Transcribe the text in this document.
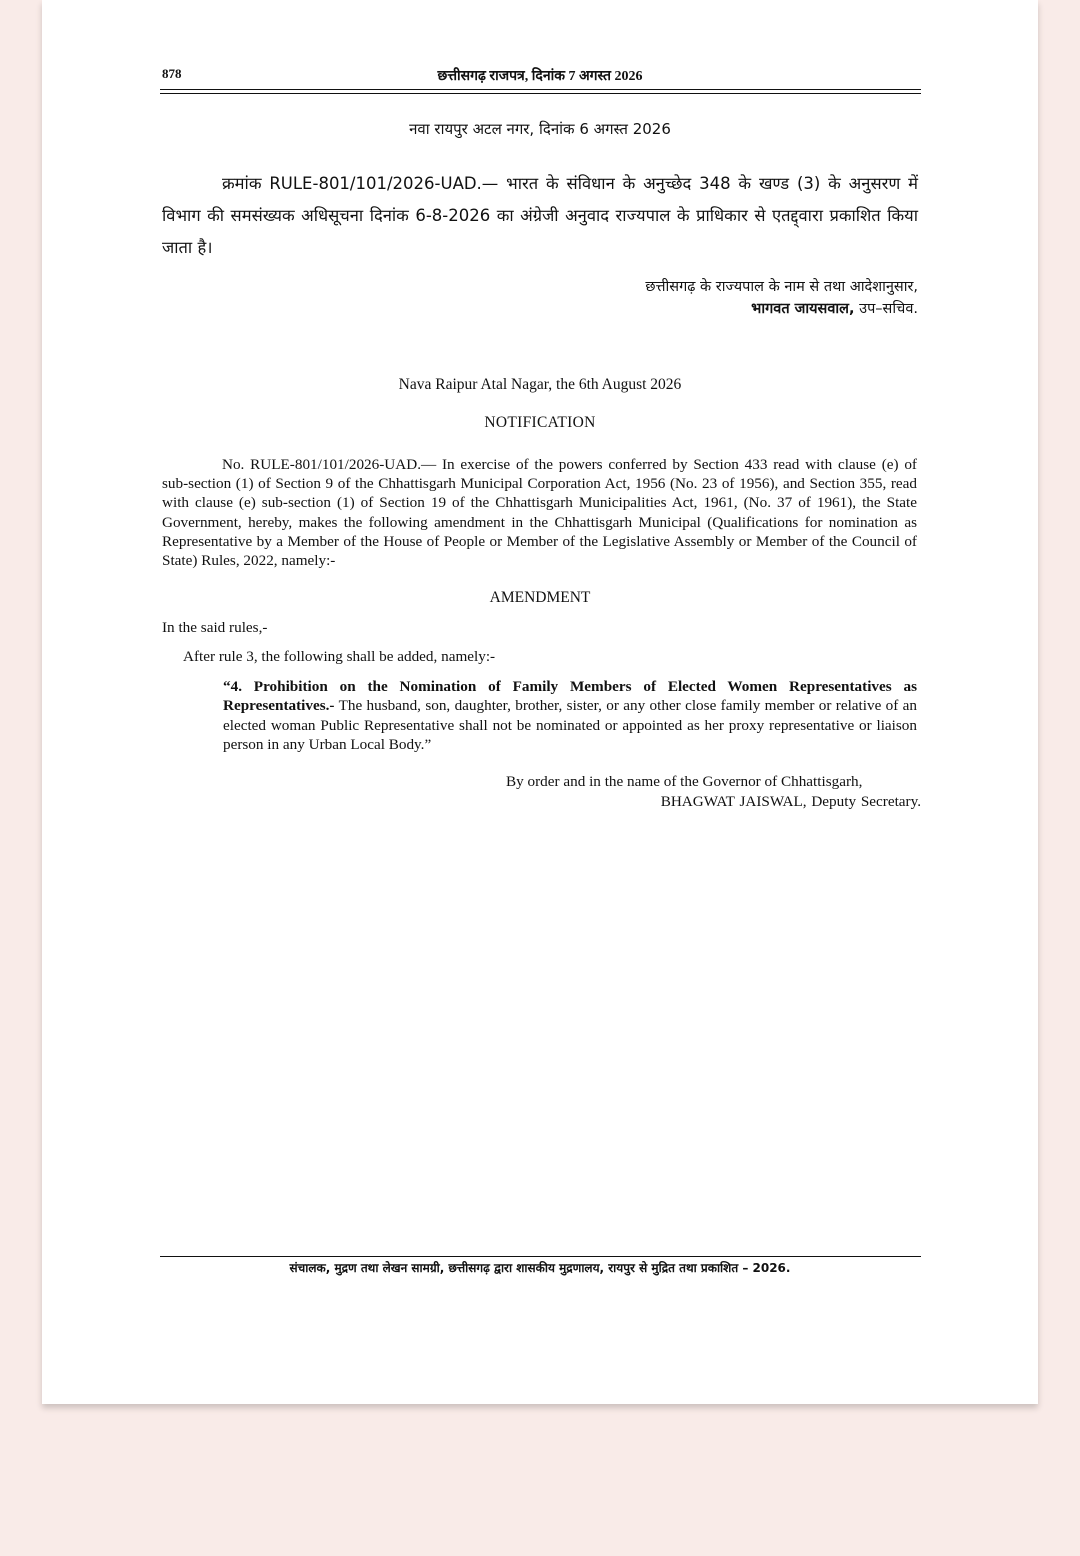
878	छत्तीसगढ़ राजपत्र, दिनांक 7 अगस्त 2026
नवा रायपुर अटल नगर, दिनांक 6 अगस्त 2026
क्रमांक RULE-801/101/2026-UAD.— भारत के संविधान के अनुच्छेद 348 के खण्ड (3) के अनुसरण में विभाग की समसंख्यक अधिसूचना दिनांक 6-8-2026 का अंग्रेजी अनुवाद राज्यपाल के प्राधिकार से एतद्द्वारा प्रकाशित किया जाता है।
छत्तीसगढ़ के राज्यपाल के नाम से तथा आदेशानुसार,
भागवत जायसवाल, उप–सचिव.
Nava Raipur Atal Nagar, the 6th August 2026
NOTIFICATION
No. RULE-801/101/2026-UAD.— In exercise of the powers conferred by Section 433 read with clause (e) of sub-section (1) of Section 9 of the Chhattisgarh Municipal Corporation Act, 1956 (No. 23 of 1956), and Section 355, read with clause (e) sub-section (1) of Section 19 of the Chhattisgarh Municipalities Act, 1961, (No. 37 of 1961), the State Government, hereby, makes the following amendment in the Chhattisgarh Municipal (Qualifications for nomination as Representative by a Member of the House of People or Member of the Legislative Assembly or Member of the Council of State) Rules, 2022, namely:-
AMENDMENT
In the said rules,-
After rule 3, the following shall be added, namely:-
“4. Prohibition on the Nomination of Family Members of Elected Women Representatives as Representatives.- The husband, son, daughter, brother, sister, or any other close family member or relative of an elected woman Public Representative shall not be nominated or appointed as her proxy representative or liaison person in any Urban Local Body.”
By order and in the name of the Governor of Chhattisgarh,
BHAGWAT JAISWAL, Deputy Secretary.
संचालक, मुद्रण तथा लेखन सामग्री, छत्तीसगढ़ द्वारा शासकीय मुद्रणालय, रायपुर से मुद्रित तथा प्रकाशित – 2026.
